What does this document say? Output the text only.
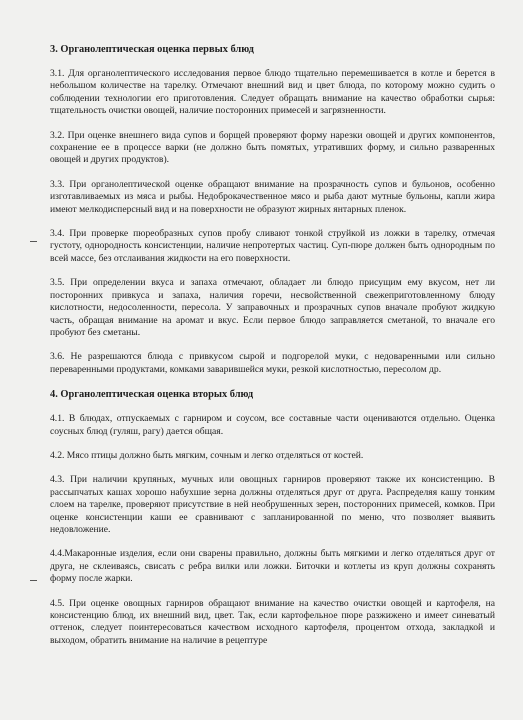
3. Органолептическая оценка первых блюд

3.1. Для органолептического исследования первое блюдо тщательно перемешивается в котле и берется в небольшом количестве на тарелку. Отмечают внешний вид и цвет блюда, по которому можно судить о соблюдении технологии его приготовления. Следует обращать внимание на качество обработки сырья: тщательность очистки овощей, наличие посторонних примесей и загрязненности.

3.2. При оценке внешнего вида супов и борщей проверяют форму нарезки овощей и других компонентов, сохранение ее в процессе варки (не должно быть помятых, утративших форму, и сильно разваренных овощей и других продуктов).

3.3. При органолептической оценке обращают внимание на прозрачность супов и бульонов, особенно изготавливаемых из мяса и рыбы. Недоброкачественное мясо и рыба дают мутные бульоны, капли жира имеют мелкодисперсный вид и на поверхности не образуют жирных янтарных пленок.

3.4. При проверке пюреобразных супов пробу сливают тонкой струйкой из ложки в тарелку, отмечая густоту, однородность консистенции, наличие непротертых частиц. Суп-пюре должен быть однородным по всей массе, без отслаивания жидкости на его поверхности.

3.5. При определении вкуса и запаха отмечают, обладает ли блюдо присущим ему вкусом, нет ли посторонних привкуса и запаха, наличия горечи, несвойственной свежеприготовленному блюду кислотности, недосоленности, пересола. У заправочных и прозрачных супов вначале пробуют жидкую часть, обращая внимание на аромат и вкус. Если первое блюдо заправляется сметаной, то вначале его пробуют без сметаны.

3.6. Не разрешаются блюда с привкусом сырой и подгорелой муки, с недоваренными или сильно переваренными продуктами, комками заварившейся муки, резкой кислотностью, пересолом др.

4. Органолептическая оценка вторых блюд

4.1. В блюдах, отпускаемых с гарниром и соусом, все составные части оцениваются отдельно. Оценка соусных блюд (гуляш, рагу) дается общая.

4.2. Мясо птицы должно быть мягким, сочным и легко отделяться от костей.

4.3. При наличии крупяных, мучных или овощных гарниров проверяют также их консистенцию. В рассыпчатых кашах хорошо набухшие зерна должны отделяться друг от друга. Распределяя кашу тонким слоем на тарелке, проверяют присутствие в ней необрушенных зерен, посторонних примесей, комков. При оценке консистенции каши ее сравнивают с запланированной по меню, что позволяет выявить недовложение.

4.4.Макаронные изделия, если они сварены правильно, должны быть мягкими и легко отделяться друг от друга, не склеиваясь, свисать с ребра вилки или ложки. Биточки и котлеты из круп должны сохранять форму после жарки.

4.5. При оценке овощных гарниров обращают внимание на качество очистки овощей и картофеля, на консистенцию блюд, их внешний вид, цвет. Так, если картофельное пюре разжижено и имеет синеватый оттенок, следует поинтересоваться качеством исходного картофеля, процентом отхода, закладкой и выходом, обратить внимание на наличие в рецептуре
